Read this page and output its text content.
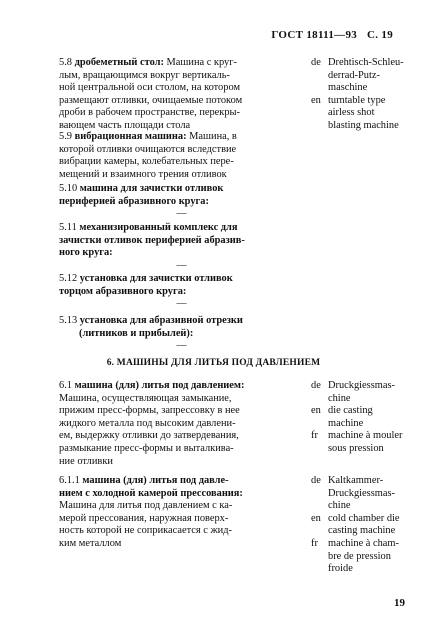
ГОСТ 18111—93 С. 19
5.8 дробеметный стол: Машина с круг-
лым, вращающимся вокруг вертикаль-
ной центральной оси столом, на котором
размещают отливки, очищаемые потоком
дроби в рабочем пространстве, перекры-
вающем часть площади стола
de Drehtisch-Schleu-
derrad-Putz-
maschine
en turntable type
airless shot
blasting machine
5.9 вибрационная машина: Машина, в
которой отливки очищаются вследствие
вибрации камеры, колебательных пере-
мещений и взаимного трения отливок
5.10 машина для зачистки отливок
периферией абразивного круга:
—
5.11 механизированный комплекс для
зачистки отливок периферией абразив-
ного круга:
—
5.12 установка для зачистки отливок
торцом абразивного круга:
—
5.13 установка для абразивной отрезки
(литников и прибылей):
—
6. МАШИНЫ ДЛЯ ЛИТЬЯ ПОД ДАВЛЕНИЕМ
6.1 машина (для) литья под давлением:
Машина, осуществляющая замыкание,
прижим пресс-формы, запрессовку в нее
жидкого металла под высоким давлени-
ем, выдержку отливки до затвердевания,
размыкание пресс-формы и выталкива-
ние отливки
de Druckgiessmas-
chine
en die casting
machine
fr machine à mouler
sous pression
6.1.1 машина (для) литья под давле-
нием с холодной камерой прессования:
Машина для литья под давлением с ка-
мерой прессования, наружная поверх-
ность которой не соприкасается с жид-
ким металлом
de Kaltkammer-
Druckgiessmas-
chine
en cold chamber die
casting machine
fr machine à cham-
bre de pression
froide
19
